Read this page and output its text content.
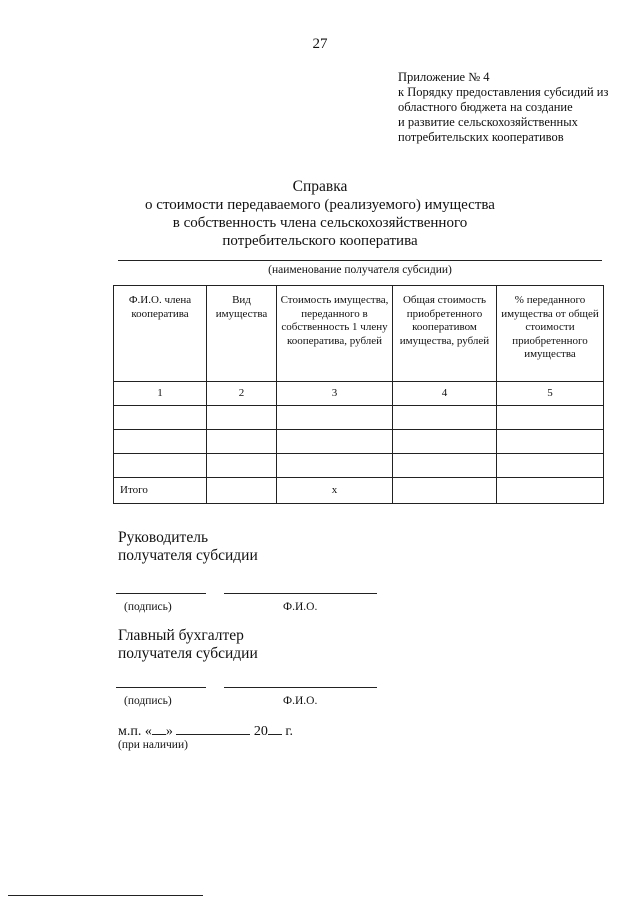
27
Приложение № 4
к Порядку предоставления субсидий из
областного бюджета на создание
и развитие сельскохозяйственных
потребительских кооперативов
Справка
о стоимости передаваемого (реализуемого) имущества
в собственность члена сельскохозяйственного
потребительского кооператива
(наименование получателя субсидии)
Ф.И.О. члена кооператива	Вид имущества	Стоимость имущества, переданного в собственность 1 члену кооператива, рублей	Общая стоимость приобретенного кооперативом имущества, рублей	% переданного имущества от общей стоимости приобретенного имущества
1	2	3	4	5

Итого		х		
Руководитель
получателя субсидии
(подпись)	Ф.И.О.
Главный бухгалтер
получателя субсидии
(подпись)	Ф.И.О.
м.п. « »	20 г.
(при наличии)
